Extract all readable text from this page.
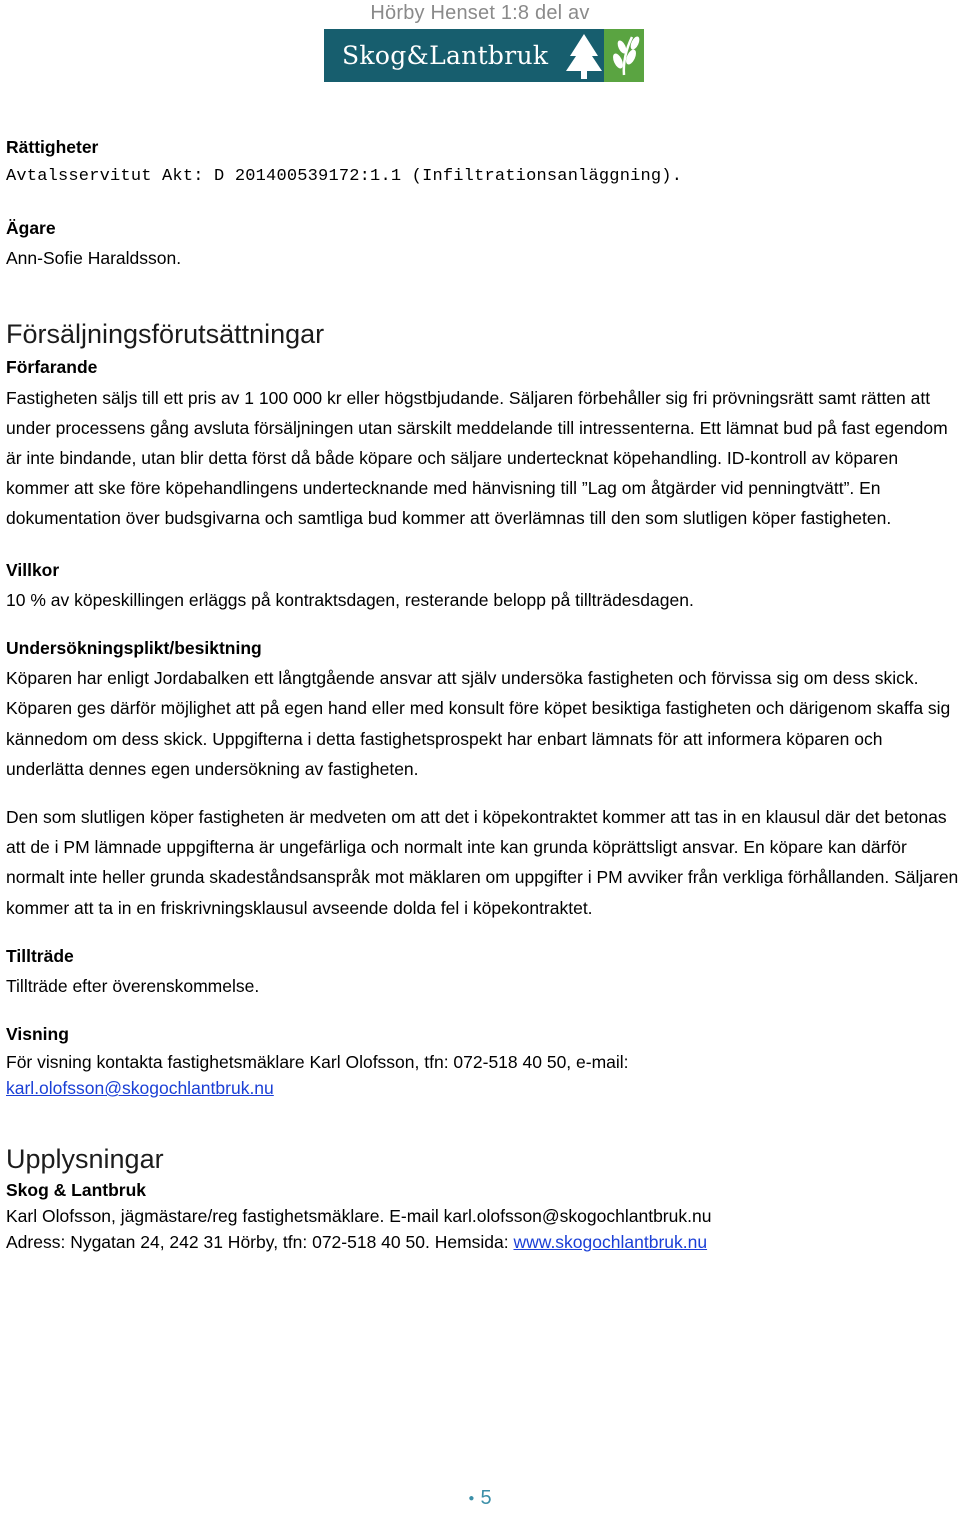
Hörby Henset 1:8 del av
Skog&Lantbruk
Rättigheter

Avtalsservitut Akt: D 201400539172:1.1 (Infiltrationsanläggning).

Ägare

Ann-Sofie Haraldsson.

Försäljningsförutsättningar
Förfarande

Fastigheten säljs till ett pris av 1 100 000 kr eller högstbjudande. Säljaren förbehåller sig fri prövningsrätt samt rätten att under processens gång avsluta försäljningen utan särskilt meddelande till intressenterna. Ett lämnat bud på fast egendom är inte bindande, utan blir detta först då både köpare och säljare undertecknat köpehandling. ID-kontroll av köparen kommer att ske före köpehandlingens undertecknande med hänvisning till ”Lag om åtgärder vid penningtvätt”. En dokumentation över budsgivarna och samtliga bud kommer att överlämnas till den som slutligen köper fastigheten.

Villkor

10 % av köpeskillingen erläggs på kontraktsdagen, resterande belopp på tillträdesdagen.

Undersökningsplikt/besiktning

Köparen har enligt Jordabalken ett långtgående ansvar att själv undersöka fastigheten och förvissa sig om dess skick. Köparen ges därför möjlighet att på egen hand eller med konsult före köpet besiktiga fastigheten och därigenom skaffa sig kännedom om dess skick. Uppgifterna i detta fastighetsprospekt har enbart lämnats för att informera köparen och underlätta dennes egen undersökning av fastigheten.

Den som slutligen köper fastigheten är medveten om att det i köpekontraktet kommer att tas in en klausul där det betonas att de i PM lämnade uppgifterna är ungefärliga och normalt inte kan grunda köprättsligt ansvar. En köpare kan därför normalt inte heller grunda skadeståndsanspråk mot mäklaren om uppgifter i PM avviker från verkliga förhållanden. Säljaren kommer att ta in en friskrivningsklausul avseende dolda fel i köpekontraktet.

Tillträde

Tillträde efter överenskommelse.

Visning

För visning kontakta fastighetsmäklare Karl Olofsson, tfn: 072-518 40 50, e-mail:

karl.olofsson@skogochlantbruk.nu

Upplysningar
Skog & Lantbruk

Karl Olofsson, jägmästare/reg fastighetsmäklare. E-mail karl.olofsson@skogochlantbruk.nu

Adress: Nygatan 24, 242 31 Hörby, tfn: 072-518 40 50. Hemsida: www.skogochlantbruk.nu

● 5
